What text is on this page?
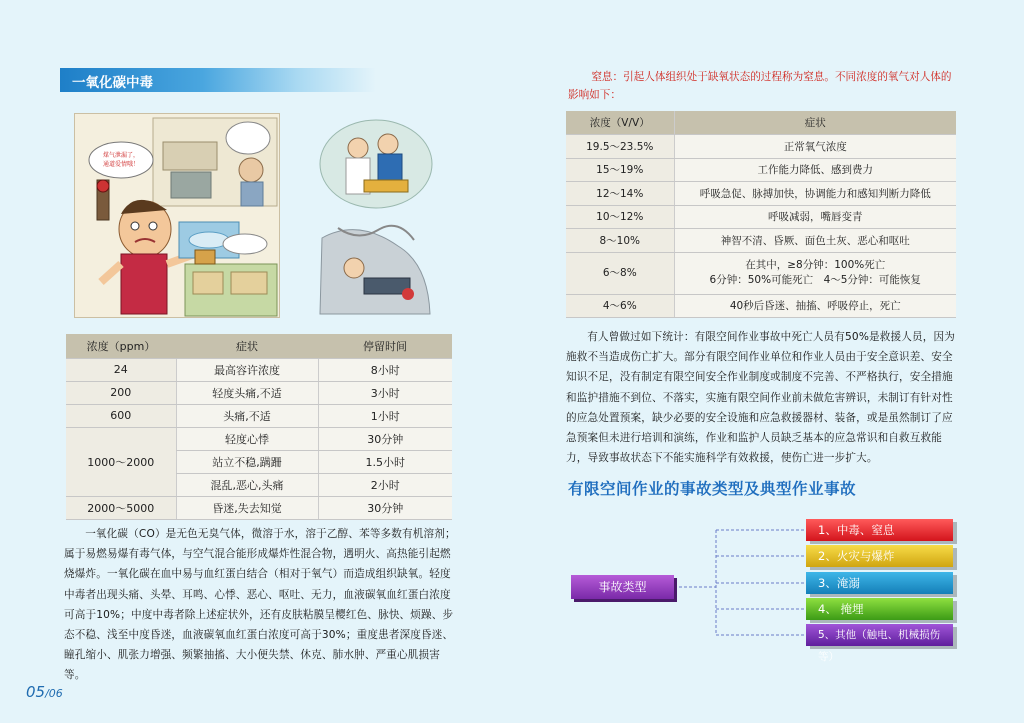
一氧化碳中毒
煤气泄漏了，
通道爱情哦！
浓度（ppm）	症状	停留时间
24	最高容许浓度	8小时
200	轻度头痛,不适	3小时
600	头痛,不适	1小时
1000～2000	轻度心悸	30分钟
	站立不稳,蹒跚	1.5小时
	混乱,恶心,头痛	2小时
2000～5000	昏迷,失去知觉	30分钟

一氧化碳（CO）是无色无臭气体，微溶于水，溶于乙醇、苯等多数有机溶剂；属于易燃易爆有毒气体，与空气混合能形成爆炸性混合物，遇明火、高热能引起燃烧爆炸。一氧化碳在血中易与血红蛋白结合（相对于氧气）而造成组织缺氧。轻度中毒者出现头痛、头晕、耳鸣、心悸、恶心、呕吐、无力，血液碳氧血红蛋白浓度可高于10%；中度中毒者除上述症状外，还有皮肤粘膜呈樱红色、脉快、烦躁、步态不稳、浅至中度昏迷，血液碳氧血红蛋白浓度可高于30%；重度患者深度昏迷、瞳孔缩小、肌张力增强、频繁抽搐、大小便失禁、休克、肺水肿、严重心肌损害等。

05/06

窒息：引起人体组织处于缺氧状态的过程称为窒息。不同浓度的氧气对人体的影响如下：

浓度（V/V）	症状
19.5～23.5%	正常氧气浓度
15～19%	工作能力降低、感到费力
12～14%	呼吸急促、脉搏加快，协调能力和感知判断力降低
10～12%	呼吸减弱，嘴唇变青
8～10%	神智不清、昏厥、面色土灰、恶心和呕吐
6～8%	在其中，≥8分钟：100%死亡
6分钟：50%可能死亡　4～5分钟：可能恢复

4～6%	40秒后昏迷、抽搐、呼吸停止，死亡

有人曾做过如下统计：有限空间作业事故中死亡人员有50%是救援人员，因为施救不当造成伤亡扩大。部分有限空间作业单位和作业人员由于安全意识差、安全知识不足，没有制定有限空间安全作业制度或制度不完善、不严格执行，安全措施和监护措施不到位、不落实，实施有限空间作业前未做危害辨识，未制订有针对性的应急处置预案，缺少必要的安全设施和应急救援器材、装备，或是虽然制订了应急预案但未进行培训和演练，作业和监护人员缺乏基本的应急常识和自救互救能力，导致事故状态下不能实施科学有效救援，使伤亡进一步扩大。

有限空间作业的事故类型及典型作业事故
事故类型
1、中毒、窒息
2、火灾与爆炸
3、淹溺
4、 掩埋
5、其他（触电、机械损伤等）
